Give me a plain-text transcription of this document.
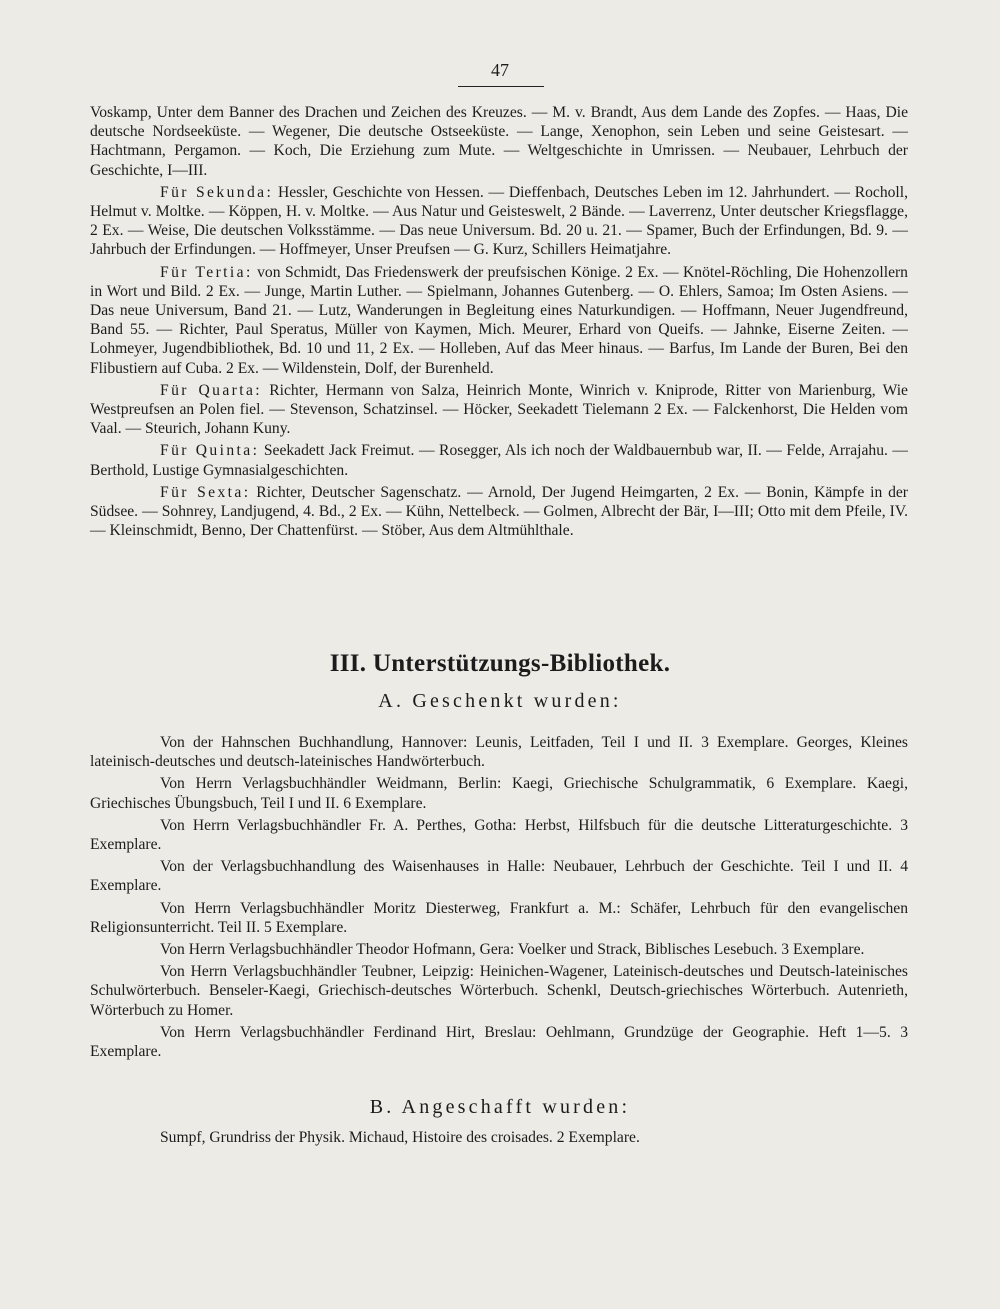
47

Voskamp, Unter dem Banner des Drachen und Zeichen des Kreuzes. — M. v. Brandt, Aus dem Lande des Zopfes. — Haas, Die deutsche Nordseeküste. — Wegener, Die deutsche Ostseeküste. — Lange, Xenophon, sein Leben und seine Geistesart. — Hachtmann, Pergamon. — Koch, Die Erziehung zum Mute. — Weltgeschichte in Umrissen. — Neubauer, Lehrbuch der Geschichte, I—III.

Für Sekunda: Hessler, Geschichte von Hessen. — Dieffenbach, Deutsches Leben im 12. Jahrhundert. — Rocholl, Helmut v. Moltke. — Köppen, H. v. Moltke. — Aus Natur und Geisteswelt, 2 Bände. — Laverrenz, Unter deutscher Kriegsflagge, 2 Ex. — Weise, Die deutschen Volksstämme. — Das neue Universum. Bd. 20 u. 21. — Spamer, Buch der Erfindungen, Bd. 9. — Jahrbuch der Erfindungen. — Hoffmeyer, Unser Preufsen — G. Kurz, Schillers Heimatjahre.

Für Tertia: von Schmidt, Das Friedenswerk der preufsischen Könige. 2 Ex. — Knötel-Röchling, Die Hohenzollern in Wort und Bild. 2 Ex. — Junge, Martin Luther. — Spielmann, Johannes Gutenberg. — O. Ehlers, Samoa; Im Osten Asiens. — Das neue Universum, Band 21. — Lutz, Wanderungen in Begleitung eines Naturkundigen. — Hoffmann, Neuer Jugendfreund, Band 55. — Richter, Paul Speratus, Müller von Kaymen, Mich. Meurer, Erhard von Queifs. — Jahnke, Eiserne Zeiten. — Lohmeyer, Jugendbibliothek, Bd. 10 und 11, 2 Ex. — Holleben, Auf das Meer hinaus. — Barfus, Im Lande der Buren, Bei den Flibustiern auf Cuba. 2 Ex. — Wildenstein, Dolf, der Burenheld.

Für Quarta: Richter, Hermann von Salza, Heinrich Monte, Winrich v. Kniprode, Ritter von Marienburg, Wie Westpreufsen an Polen fiel. — Stevenson, Schatzinsel. — Höcker, Seekadett Tielemann 2 Ex. — Falckenhorst, Die Helden vom Vaal. — Steurich, Johann Kuny.

Für Quinta: Seekadett Jack Freimut. — Rosegger, Als ich noch der Waldbauernbub war, II. — Felde, Arrajahu. — Berthold, Lustige Gymnasialgeschichten.

Für Sexta: Richter, Deutscher Sagenschatz. — Arnold, Der Jugend Heimgarten, 2 Ex. — Bonin, Kämpfe in der Südsee. — Sohnrey, Landjugend, 4. Bd., 2 Ex. — Kühn, Nettelbeck. — Golmen, Albrecht der Bär, I—III; Otto mit dem Pfeile, IV. — Kleinschmidt, Benno, Der Chattenfürst. — Stöber, Aus dem Altmühlthale.

III. Unterstützungs-Bibliothek.
A. Geschenkt wurden:

Von der Hahnschen Buchhandlung, Hannover: Leunis, Leitfaden, Teil I und II. 3 Exemplare. Georges, Kleines lateinisch-deutsches und deutsch-lateinisches Handwörterbuch.

Von Herrn Verlagsbuchhändler Weidmann, Berlin: Kaegi, Griechische Schulgrammatik, 6 Exemplare. Kaegi, Griechisches Übungsbuch, Teil I und II. 6 Exemplare.

Von Herrn Verlagsbuchhändler Fr. A. Perthes, Gotha: Herbst, Hilfsbuch für die deutsche Litteraturgeschichte. 3 Exemplare.

Von der Verlagsbuchhandlung des Waisenhauses in Halle: Neubauer, Lehrbuch der Geschichte. Teil I und II. 4 Exemplare.

Von Herrn Verlagsbuchhändler Moritz Diesterweg, Frankfurt a. M.: Schäfer, Lehrbuch für den evangelischen Religionsunterricht. Teil II. 5 Exemplare.

Von Herrn Verlagsbuchhändler Theodor Hofmann, Gera: Voelker und Strack, Biblisches Lesebuch. 3 Exemplare.

Von Herrn Verlagsbuchhändler Teubner, Leipzig: Heinichen-Wagener, Lateinisch-deutsches und Deutsch-lateinisches Schulwörterbuch. Benseler-Kaegi, Griechisch-deutsches Wörterbuch. Schenkl, Deutsch-griechisches Wörterbuch. Autenrieth, Wörterbuch zu Homer.

Von Herrn Verlagsbuchhändler Ferdinand Hirt, Breslau: Oehlmann, Grundzüge der Geographie. Heft 1—5. 3 Exemplare.

B. Angeschafft wurden:

Sumpf, Grundriss der Physik. Michaud, Histoire des croisades. 2 Exemplare.
